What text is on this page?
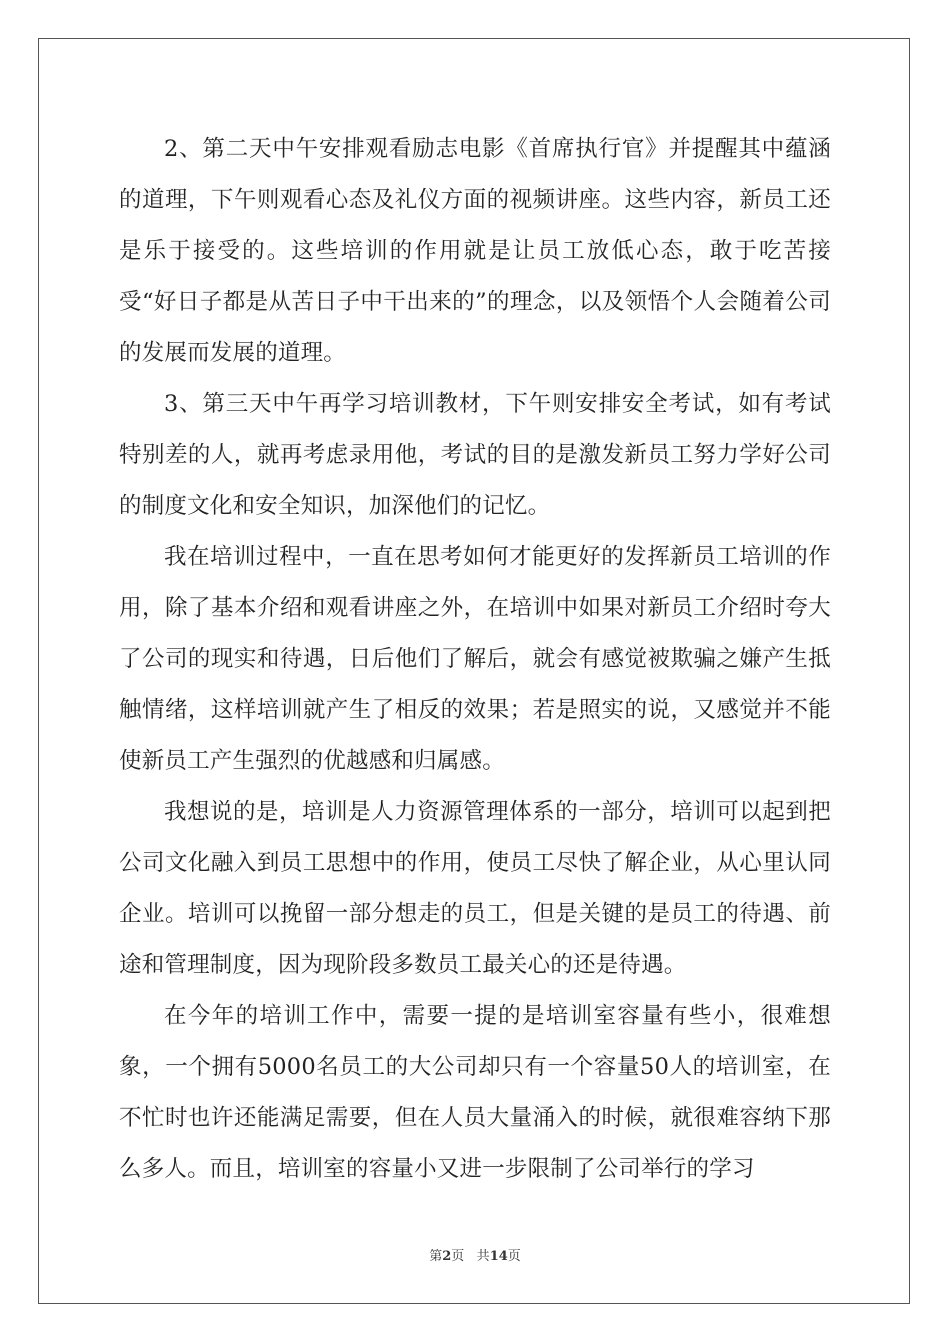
2、第二天中午安排观看励志电影《首席执行官》并提醒其中蕴涵的道理，下午则观看心态及礼仪方面的视频讲座。这些内容，新员工还是乐于接受的。这些培训的作用就是让员工放低心态，敢于吃苦接受“好日子都是从苦日子中干出来的”的理念，以及领悟个人会随着公司的发展而发展的道理。

3、第三天中午再学习培训教材，下午则安排安全考试，如有考试特别差的人，就再考虑录用他，考试的目的是激发新员工努力学好公司的制度文化和安全知识，加深他们的记忆。

我在培训过程中，一直在思考如何才能更好的发挥新员工培训的作用，除了基本介绍和观看讲座之外，在培训中如果对新员工介绍时夸大了公司的现实和待遇，日后他们了解后，就会有感觉被欺骗之嫌产生抵触情绪，这样培训就产生了相反的效果；若是照实的说，又感觉并不能使新员工产生强烈的优越感和归属感。

我想说的是，培训是人力资源管理体系的一部分，培训可以起到把公司文化融入到员工思想中的作用，使员工尽快了解企业，从心里认同企业。培训可以挽留一部分想走的员工，但是关键的是员工的待遇、前途和管理制度，因为现阶段多数员工最关心的还是待遇。

在今年的培训工作中，需要一提的是培训室容量有些小，很难想象，一个拥有5000名员工的大公司却只有一个容量50人的培训室，在不忙时也许还能满足需要，但在人员大量涌入的时候，就很难容纳下那么多人。而且，培训室的容量小又进一步限制了公司举行的学习

第2页 共14页
